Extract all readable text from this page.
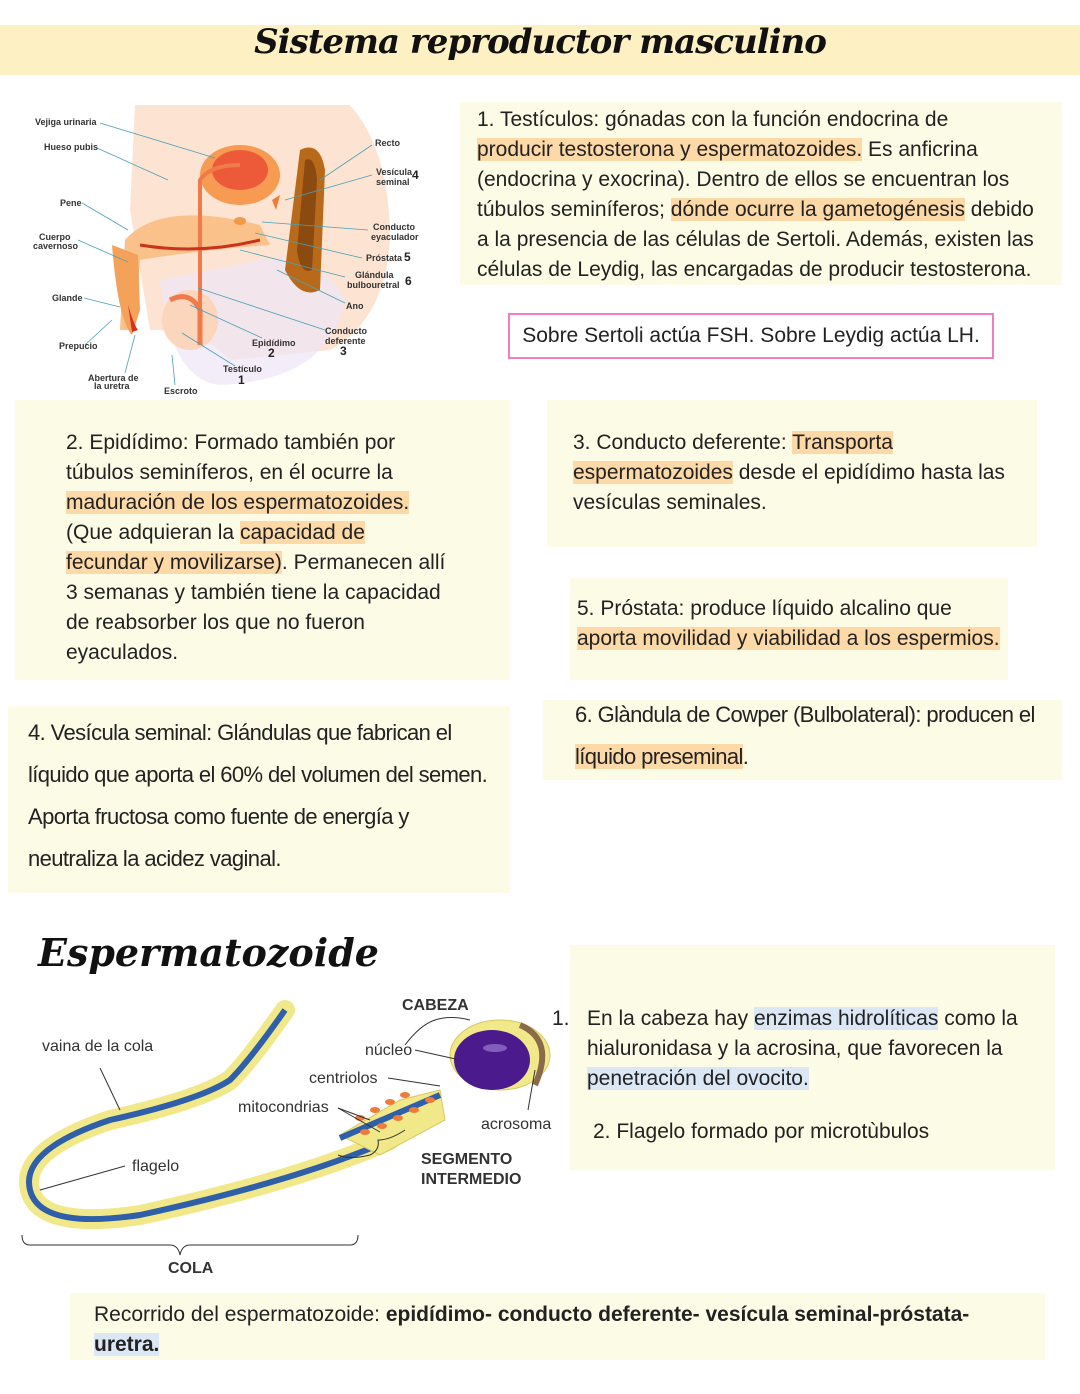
Sistema reproductor masculino
Vejiga urinaria
Hueso pubis
Pene
Cuerpo
cavernoso
Glande
Prepucio
Abertura de
la uretra	Escroto
Testículo
1
Epidídimo
2
Conducto
deferente
3
Ano
Glándula
bulbouretral 6
Próstata 5
Conducto
eyaculador
Vesícula
seminal 4
Recto
1. Testículos: gónadas con la función endocrina de
producir testosterona y espermatozoides. Es anficrina
(endocrina y exocrina). Dentro de ellos se encuentran los
túbulos seminíferos; dónde ocurre la gametogénesis debido
a la presencia de las células de Sertoli. Además, existen las
células de Leydig, las encargadas de producir testosterona.
Sobre Sertoli actúa FSH. Sobre Leydig actúa LH.
2. Epidídimo: Formado también por
túbulos seminíferos, en él ocurre la
maduración de los espermatozoides.
(Que adquieran la capacidad de
fecundar y movilizarse). Permanecen allí
3 semanas y también tiene la capacidad
de reabsorber los que no fueron
eyaculados.
3. Conducto deferente: Transporta
espermatozoides desde el epidídimo hasta las
vesículas seminales.
5. Próstata: produce líquido alcalino que
aporta movilidad y viabilidad a los espermios.
6. Glàndula de Cowper (Bulbolateral): producen el
líquido preseminal.
4. Vesícula seminal: Glándulas que fabrican el
líquido que aporta el 60% del volumen del semen.
Aporta fructosa como fuente de energía y
neutraliza la acidez vaginal.
Espermatozoide
CABEZA
vaina de la cola	núcleo
centriolos
mitocondrias
acrosoma
flagelo	SEGMENTO
INTERMEDIO
COLA
1. En la cabeza hay enzimas hidrolíticas como la
hialuronidasa y la acrosina, que favorecen la
penetración del ovocito.
2. Flagelo formado por microtùbulos
Recorrido del espermatozoide: epidídimo- conducto deferente- vesícula seminal-próstata-
uretra.
